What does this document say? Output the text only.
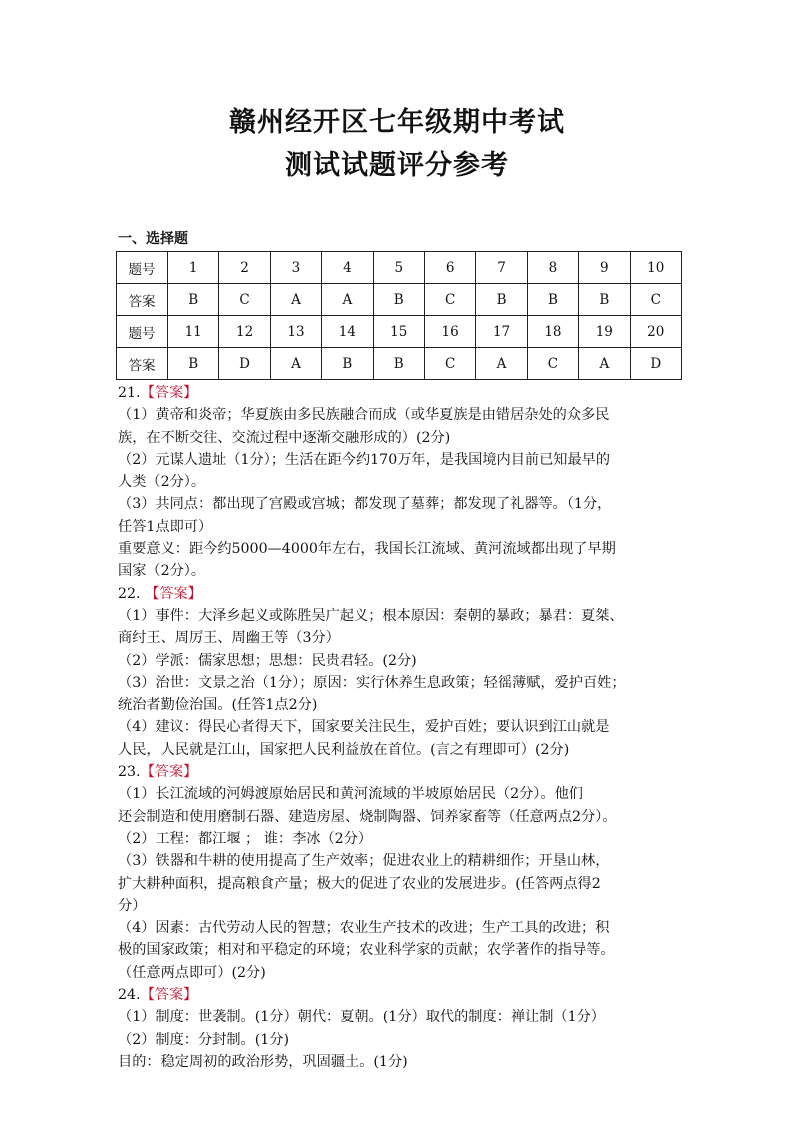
赣州经开区七年级期中考试
测试试题评分参考
一、选择题
题号	1	2	3	4	5	6	7	8	9	10
答案	B	C	A	A	B	C	B	B	B	C
题号	11	12	13	14	15	16	17	18	19	20
答案	B	D	A	B	B	C	A	C	A	D

21.【答案】

（1）黄帝和炎帝；华夏族由多民族融合而成（或华夏族是由错居杂处的众多民

族，在不断交往、交流过程中逐渐交融形成的）(2分)

（2）元谋人遗址（1分）；生活在距今约170万年，是我国境内目前已知最早的

人类（2分）。

（3）共同点：都出现了宫殿或宫城；都发现了墓葬；都发现了礼器等。（1分，

任答1点即可）

重要意义：距今约5000—4000年左右，我国长江流域、黄河流域都出现了早期

国家（2分）。

22. 【答案】

（1）事件：大泽乡起义或陈胜吴广起义；根本原因：秦朝的暴政；暴君：夏桀、

商纣王、周厉王、周幽王等（3分）

（2）学派：儒家思想；思想：民贵君轻。(2分)

（3）治世：文景之治（1分）；原因：实行休养生息政策；轻徭薄赋，爱护百姓；

统治者勤俭治国。(任答1点2分)

（4）建议：得民心者得天下，国家要关注民生，爱护百姓；要认识到江山就是

人民，人民就是江山，国家把人民利益放在首位。(言之有理即可）(2分)

23.【答案】

（1）长江流域的河姆渡原始居民和黄河流域的半坡原始居民（2分）。他们

还会制造和使用磨制石器、建造房屋、烧制陶器、饲养家畜等（任意两点2分）。

（2）工程：都江堰 ； 谁：李冰（2分）

（3）铁器和牛耕的使用提高了生产效率；促进农业上的精耕细作；开垦山林，

扩大耕种面积，提高粮食产量；极大的促进了农业的发展进步。(任答两点得2

分）

（4）因素：古代劳动人民的智慧；农业生产技术的改进；生产工具的改进；积

极的国家政策；相对和平稳定的环境；农业科学家的贡献；农学著作的指导等。

（任意两点即可）(2分)

24.【答案】

（1）制度：世袭制。(1分）朝代：夏朝。(1分）取代的制度：禅让制（1分）

（2）制度：分封制。(1分)

目的：稳定周初的政治形势，巩固疆土。(1分)
